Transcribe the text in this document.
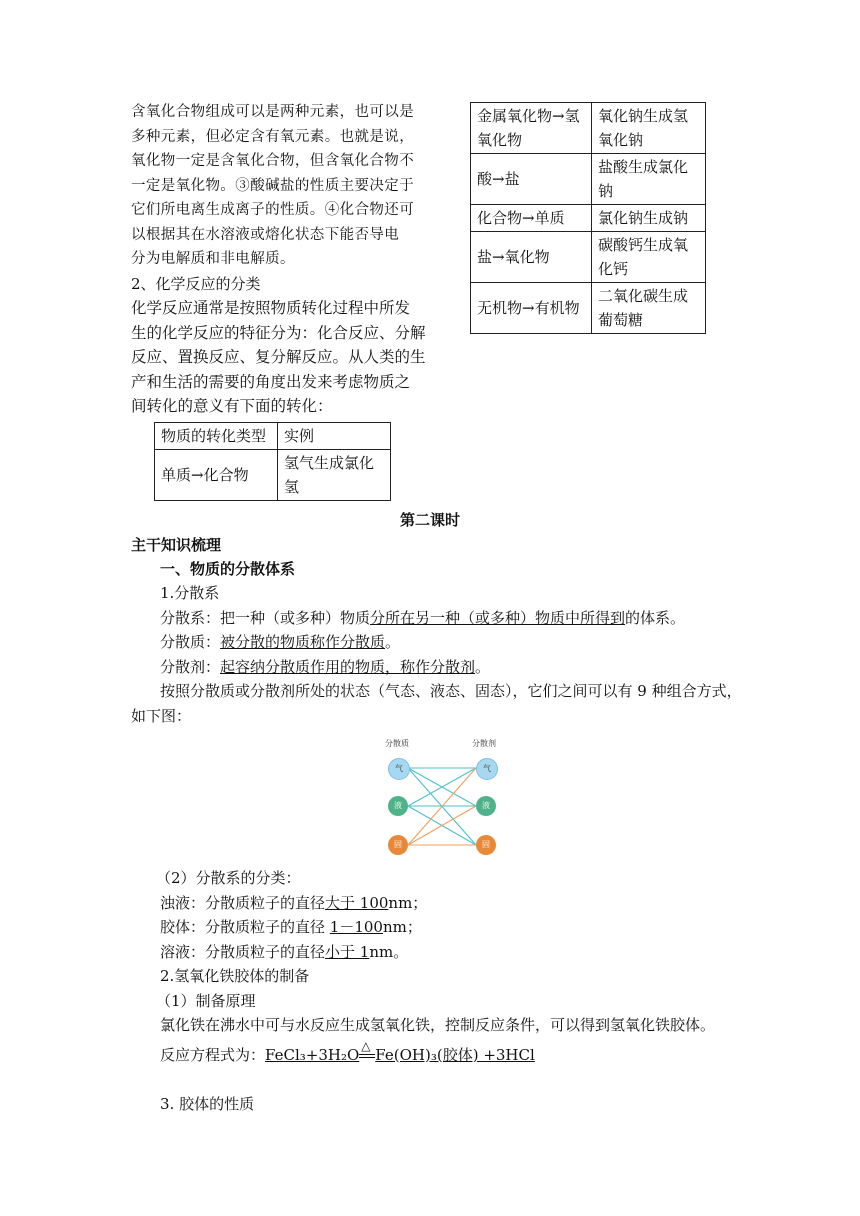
含氧化合物组成可以是两种元素，也可以是

多种元素，但必定含有氧元素。也就是说，

氧化物一定是含氧化合物，但含氧化合物不

一定是氧化物。③酸碱盐的性质主要决定于

它们所电离生成离子的性质。④化合物还可

以根据其在水溶液或熔化状态下能否导电

分为电解质和非电解质。

2、化学反应的分类

化学反应通常是按照物质转化过程中所发

生的化学反应的特征分为：化合反应、分解

反应、置换反应、复分解反应。从人类的生

产和生活的需要的角度出发来考虑物质之

间转化的意义有下面的转化：

物质的转化类型	实例
单质→化合物	氢气生成氯化氢
金属氧化物→氢氧化物	氧化钠生成氢氧化钠
酸→盐	盐酸生成氯化钠
化合物→单质	氯化钠生成钠
盐→氧化物	碳酸钙生成氧化钙
无机物→有机物	二氧化碳生成葡萄糖
第二课时
主干知识梳理
一、物质的分散体系

1.分散系

分散系：把一种（或多种）物质分所在另一种（或多种）物质中所得到的体系。

分散质：被分散的物质称作分散质。

分散剂：起容纳分散质作用的物质，称作分散剂。

按照分散质或分散剂所处的状态（气态、液态、固态），它们之间可以有 9 种组合方式，

如下图：

分散质	分散剂
气
液
固
气
液
固

（2）分散系的分类：

浊液：分散质粒子的直径大于 100nm；

胶体：分散质粒子的直径 1－100nm；

溶液：分散质粒子的直径小于 1nm。

2.氢氧化铁胶体的制备

（1）制备原理

氯化铁在沸水中可与水反应生成氢氧化铁，控制反应条件，可以得到氢氧化铁胶体。

反应方程式为：FeCl₃+3H₂O △ Fe(OH)₃(胶体) +3HCl
3. 胶体的性质
